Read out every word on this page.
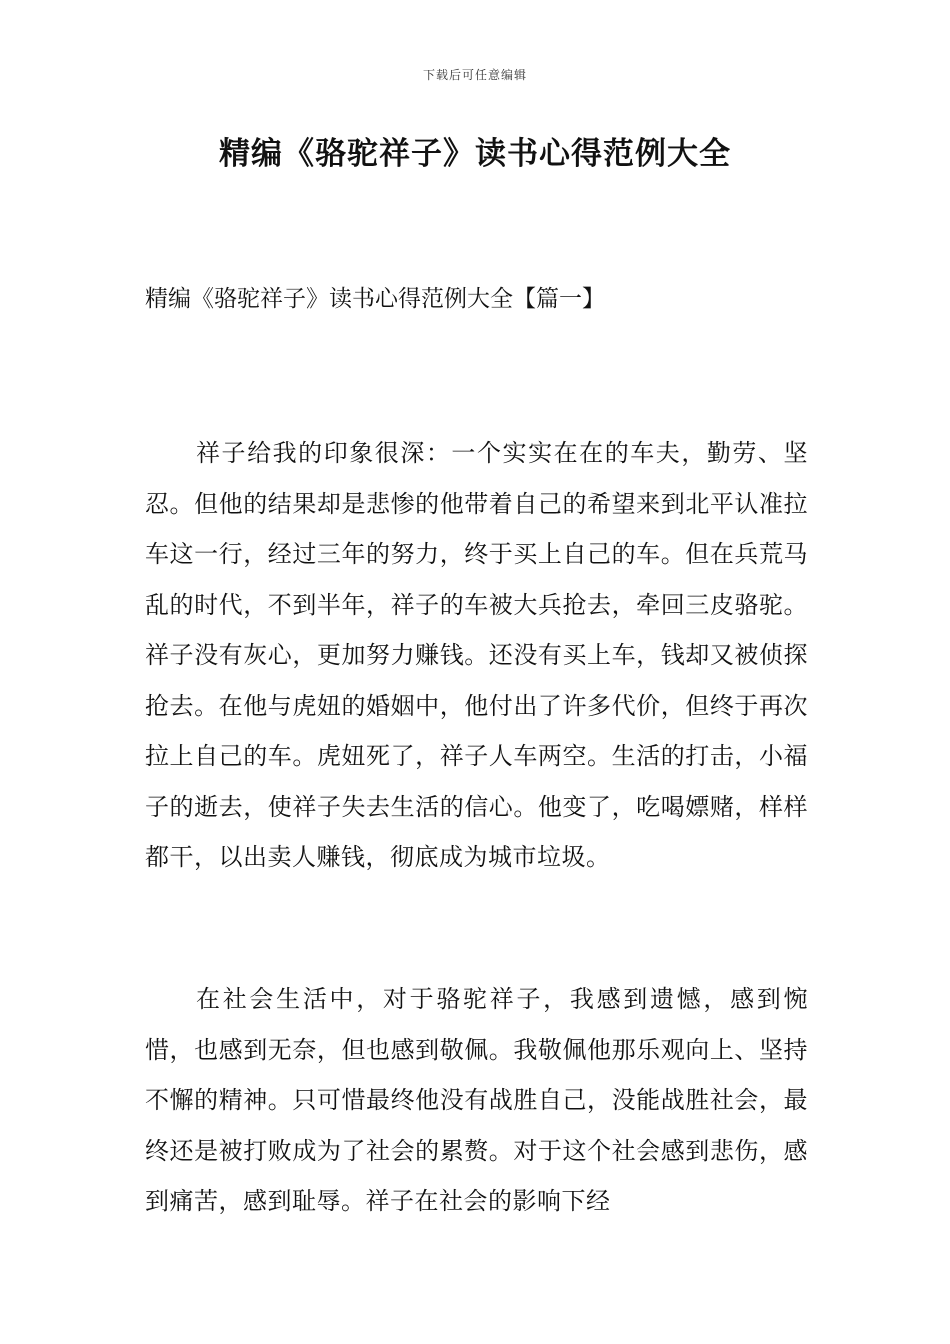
下载后可任意编辑
精编《骆驼祥子》读书心得范例大全
精编《骆驼祥子》读书心得范例大全【篇一】

祥子给我的印象很深：一个实实在在的车夫，勤劳、坚忍。但他的结果却是悲惨的他带着自己的希望来到北平认准拉车这一行，经过三年的努力，终于买上自己的车。但在兵荒马乱的时代，不到半年，祥子的车被大兵抢去，牵回三皮骆驼。祥子没有灰心，更加努力赚钱。还没有买上车，钱却又被侦探抢去。在他与虎妞的婚姻中，他付出了许多代价，但终于再次拉上自己的车。虎妞死了，祥子人车两空。生活的打击，小福子的逝去，使祥子失去生活的信心。他变了，吃喝嫖赌，样样都干，以出卖人赚钱，彻底成为城市垃圾。

在社会生活中，对于骆驼祥子，我感到遗憾，感到惋惜，也感到无奈，但也感到敬佩。我敬佩他那乐观向上、坚持不懈的精神。只可惜最终他没有战胜自己，没能战胜社会，最终还是被打败成为了社会的累赘。对于这个社会感到悲伤，感到痛苦，感到耻辱。祥子在社会的影响下经
